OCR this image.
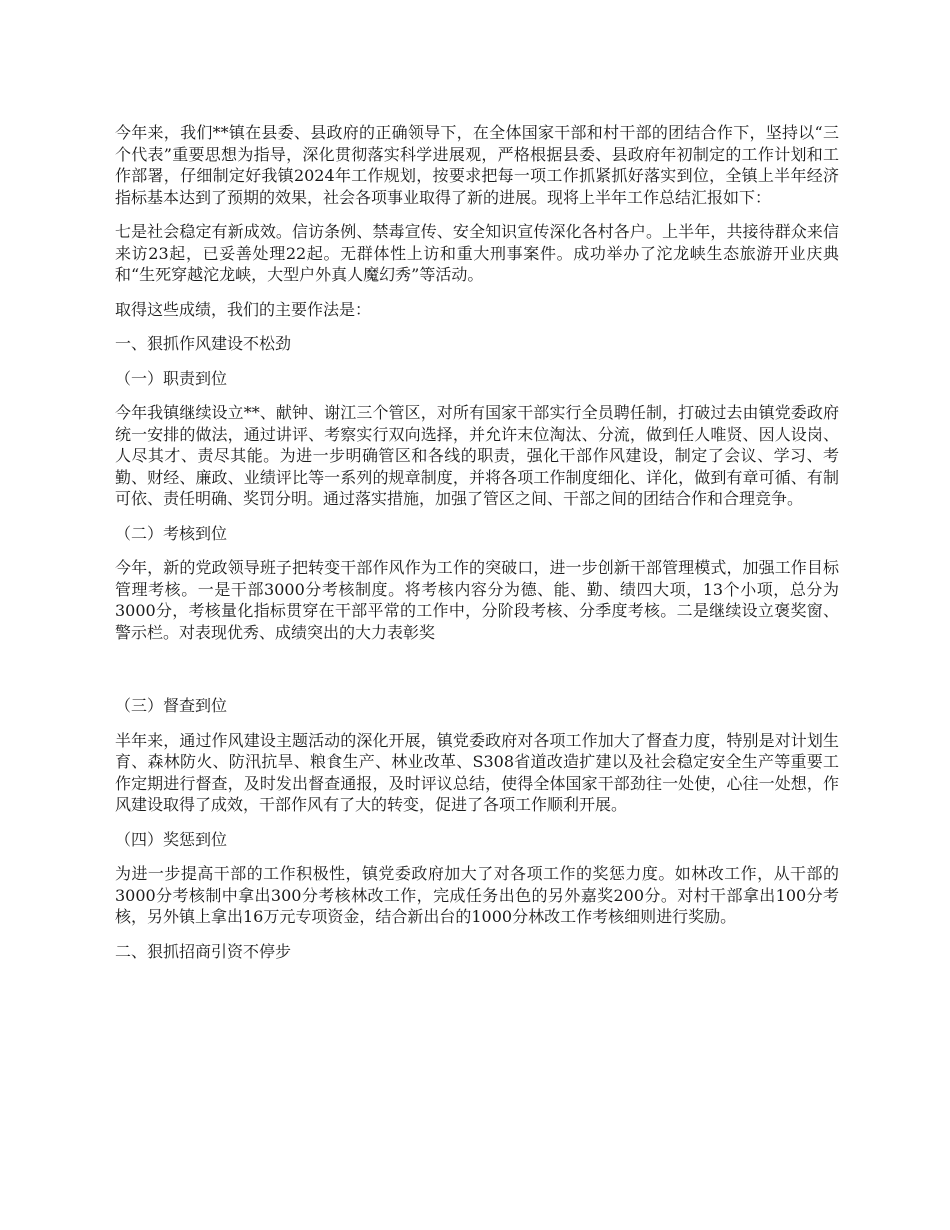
今年来，我们**镇在县委、县政府的正确领导下，在全体国家干部和村干部的团结合作下，坚持以“三个代表”重要思想为指导，深化贯彻落实科学进展观，严格根据县委、县政府年初制定的工作计划和工作部署，仔细制定好我镇2024年工作规划，按要求把每一项工作抓紧抓好落实到位，全镇上半年经济指标基本达到了预期的效果，社会各项事业取得了新的进展。现将上半年工作总结汇报如下：

七是社会稳定有新成效。信访条例、禁毒宣传、安全知识宣传深化各村各户。上半年，共接待群众来信来访23起，已妥善处理22起。无群体性上访和重大刑事案件。成功举办了沱龙峡生态旅游开业庆典和“生死穿越沱龙峡，大型户外真人魔幻秀”等活动。

取得这些成绩，我们的主要作法是：

一、狠抓作风建设不松劲

（一）职责到位

今年我镇继续设立**、献钟、谢江三个管区，对所有国家干部实行全员聘任制，打破过去由镇党委政府统一安排的做法，通过讲评、考察实行双向选择，并允许末位淘汰、分流，做到任人唯贤、因人设岗、人尽其才、责尽其能。为进一步明确管区和各线的职责，强化干部作风建设，制定了会议、学习、考勤、财经、廉政、业绩评比等一系列的规章制度，并将各项工作制度细化、详化，做到有章可循、有制可依、责任明确、奖罚分明。通过落实措施，加强了管区之间、干部之间的团结合作和合理竞争。

（二）考核到位

今年，新的党政领导班子把转变干部作风作为工作的突破口，进一步创新干部管理模式，加强工作目标管理考核。一是干部3000分考核制度。将考核内容分为德、能、勤、绩四大项，13个小项，总分为3000分，考核量化指标贯穿在干部平常的工作中，分阶段考核、分季度考核。二是继续设立褒奖窗、警示栏。对表现优秀、成绩突出的大力表彰奖

（三）督查到位

半年来，通过作风建设主题活动的深化开展，镇党委政府对各项工作加大了督查力度，特别是对计划生育、森林防火、防汛抗旱、粮食生产、林业改革、S308省道改造扩建以及社会稳定安全生产等重要工作定期进行督查，及时发出督查通报，及时评议总结，使得全体国家干部劲往一处使，心往一处想，作风建设取得了成效，干部作风有了大的转变，促进了各项工作顺利开展。

（四）奖惩到位

为进一步提高干部的工作积极性，镇党委政府加大了对各项工作的奖惩力度。如林改工作，从干部的3000分考核制中拿出300分考核林改工作，完成任务出色的另外嘉奖200分。对村干部拿出100分考核，另外镇上拿出16万元专项资金，结合新出台的1000分林改工作考核细则进行奖励。

二、狠抓招商引资不停步
